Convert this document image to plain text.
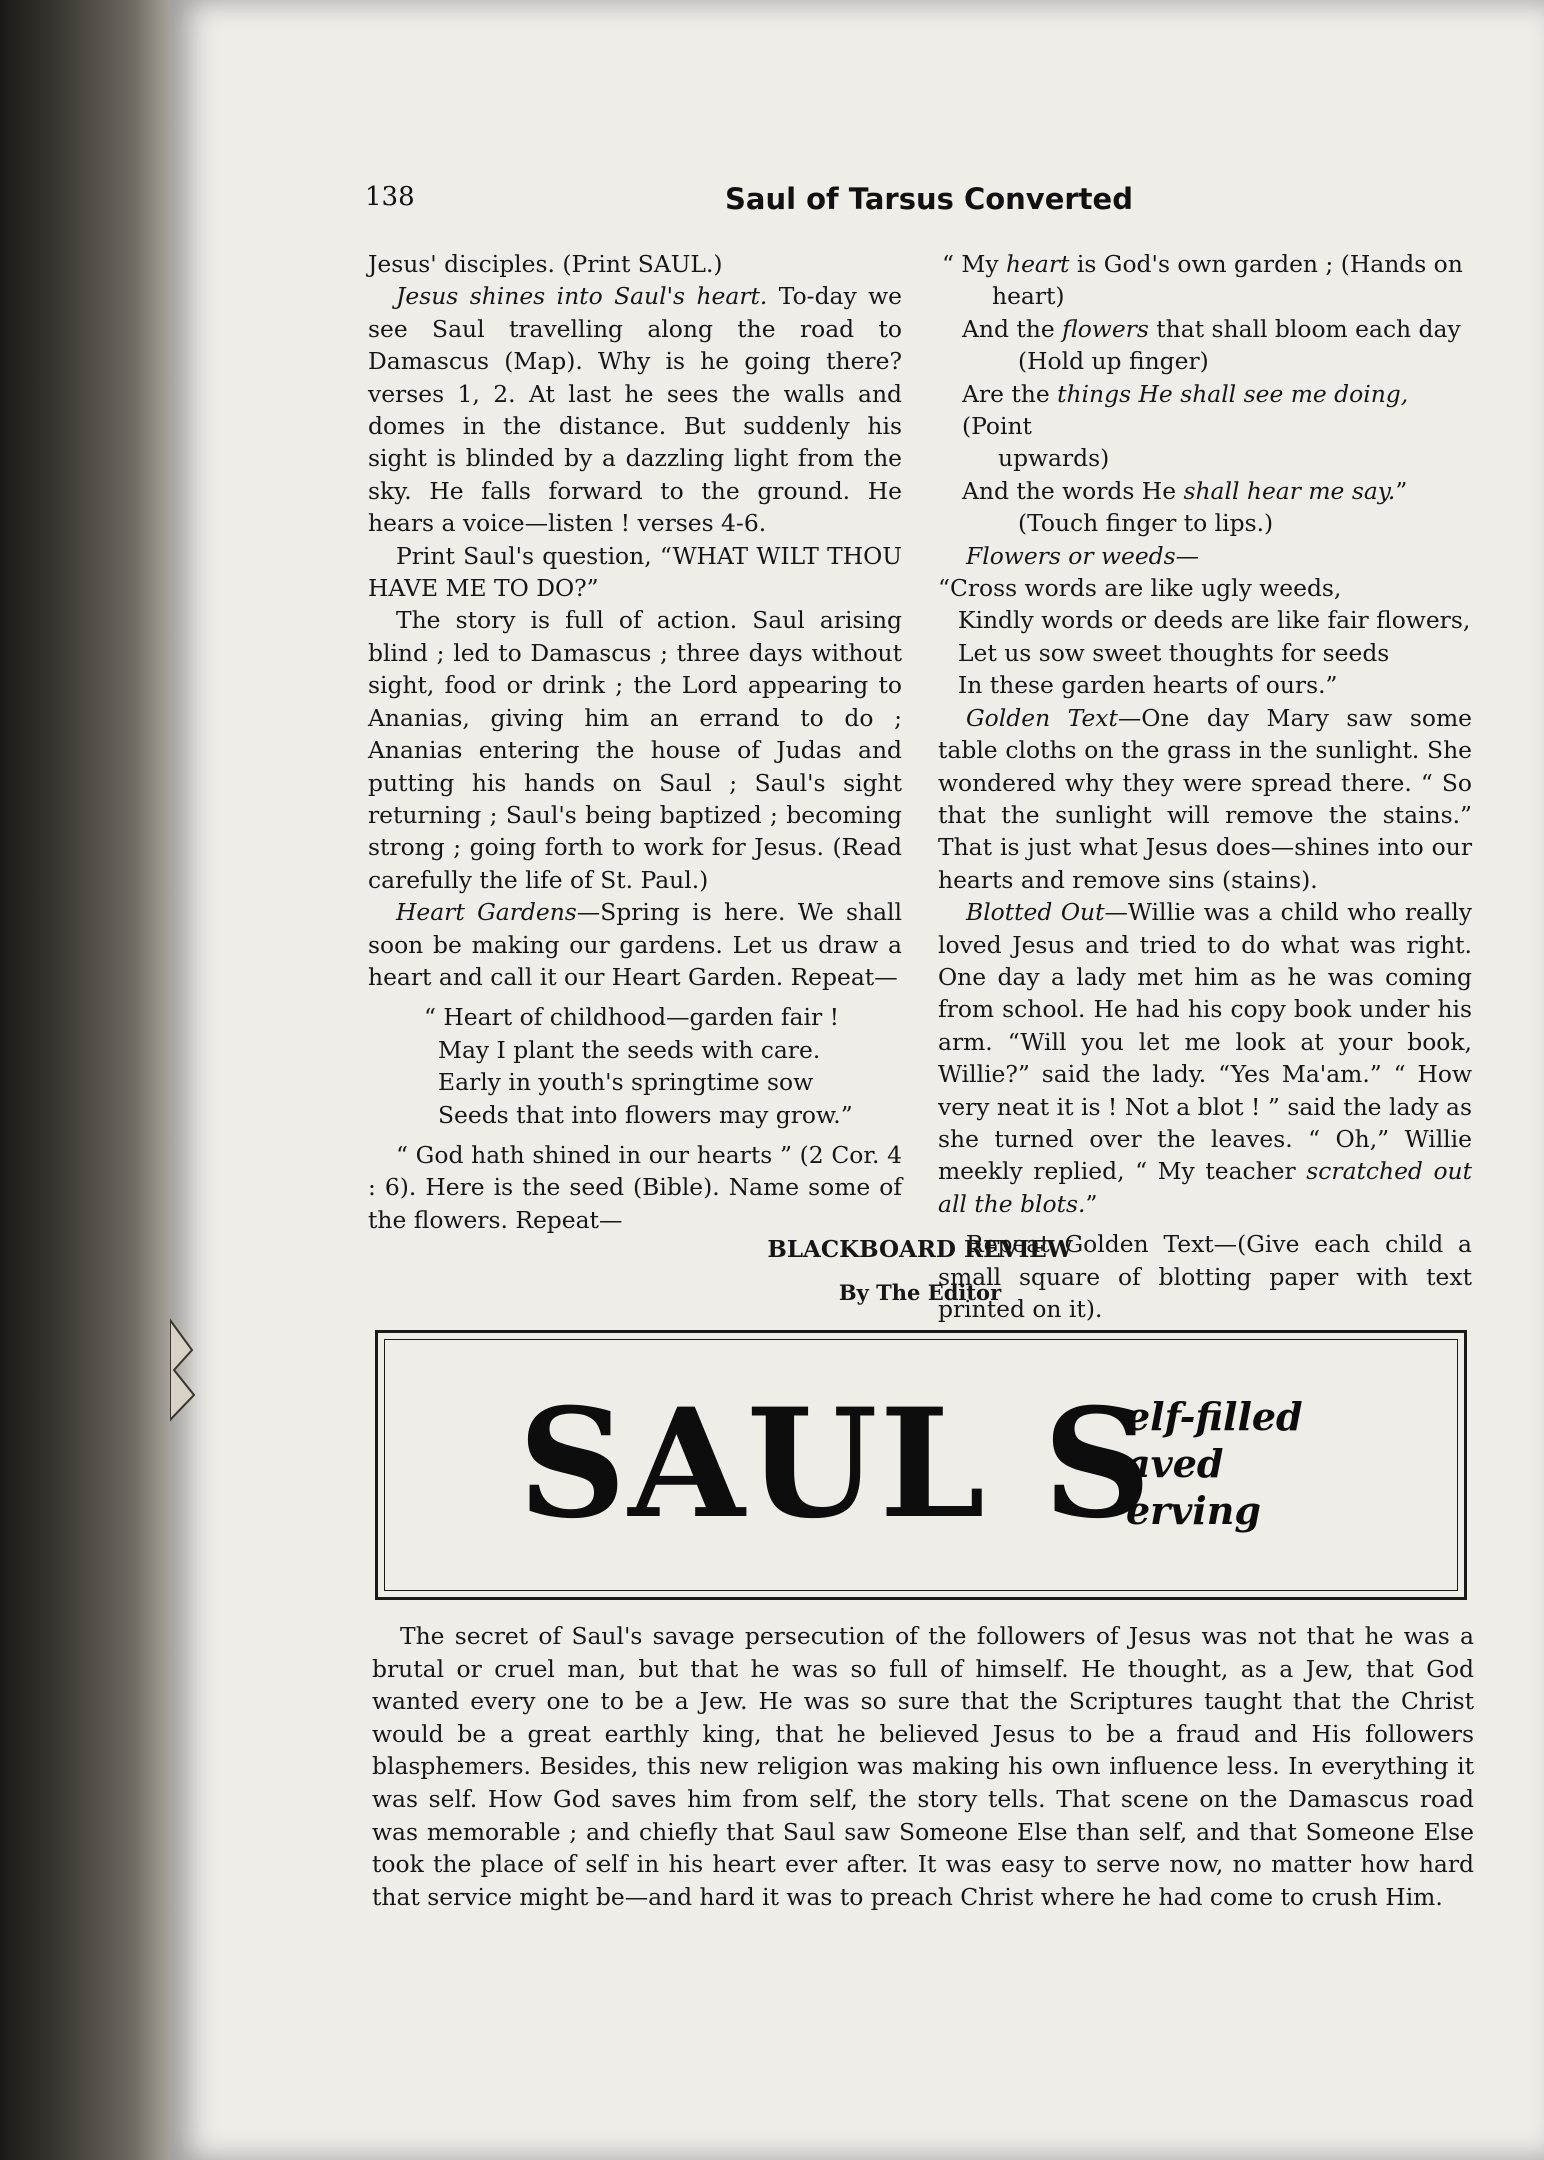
138	Saul of Tarsus Converted

Jesus' disciples. (Print SAUL.)

Jesus shines into Saul's heart. To-day we see Saul travelling along the road to Damascus (Map). Why is he going there? verses 1, 2. At last he sees the walls and domes in the distance. But suddenly his sight is blinded by a dazzling light from the sky. He falls forward to the ground. He hears a voice—listen ! verses 4-6.

Print Saul's question, “WHAT WILT THOU HAVE ME TO DO?”

The story is full of action. Saul arising blind ; led to Damascus ; three days without sight, food or drink ; the Lord appearing to Ananias, giving him an errand to do ; Ananias entering the house of Judas and putting his hands on Saul ; Saul's sight returning ; Saul's being baptized ; becoming strong ; going forth to work for Jesus. (Read carefully the life of St. Paul.)

Heart Gardens—Spring is here. We shall soon be making our gardens. Let us draw a heart and call it our Heart Garden. Repeat—

“ Heart of childhood—garden fair !
May I plant the seeds with care.
Early in youth's springtime sow
Seeds that into flowers may grow.”

“ God hath shined in our hearts ” (2 Cor. 4 : 6). Here is the seed (Bible). Name some of the flowers. Repeat—

“ My heart is God's own garden ; (Hands on
heart)
And the flowers that shall bloom each day
(Hold up finger)
Are the things He shall see me doing, (Point
upwards)
And the words He shall hear me say.”
(Touch finger to lips.)

Flowers or weeds—

“Cross words are like ugly weeds,
Kindly words or deeds are like fair flowers,
Let us sow sweet thoughts for seeds
In these garden hearts of ours.”

Golden Text—One day Mary saw some table cloths on the grass in the sunlight. She wondered why they were spread there. “ So that the sunlight will remove the stains.” That is just what Jesus does—shines into our hearts and remove sins (stains).

Blotted Out—Willie was a child who really loved Jesus and tried to do what was right. One day a lady met him as he was coming from school. He had his copy book under his arm. “Will you let me look at your book, Willie?” said the lady. “Yes Ma'am.” “ How very neat it is ! Not a blot ! ” said the lady as she turned over the leaves. “ Oh,” Willie meekly replied, “ My teacher scratched out all the blots.”

Repeat Golden Text—(Give each child a small square of blotting paper with text printed on it).

BLACKBOARD REVIEW
By The Editor
SAUL S
elf-filled
aved
erving

The secret of Saul's savage persecution of the followers of Jesus was not that he was a brutal or cruel man, but that he was so full of himself. He thought, as a Jew, that God wanted every one to be a Jew. He was so sure that the Scriptures taught that the Christ would be a great earthly king, that he believed Jesus to be a fraud and His followers blasphemers. Besides, this new religion was making his own influence less. In everything it was self. How God saves him from self, the story tells. That scene on the Damascus road was memorable ; and chiefly that Saul saw Someone Else than self, and that Someone Else took the place of self in his heart ever after. It was easy to serve now, no matter how hard that service might be—and hard it was to preach Christ where he had come to crush Him.
